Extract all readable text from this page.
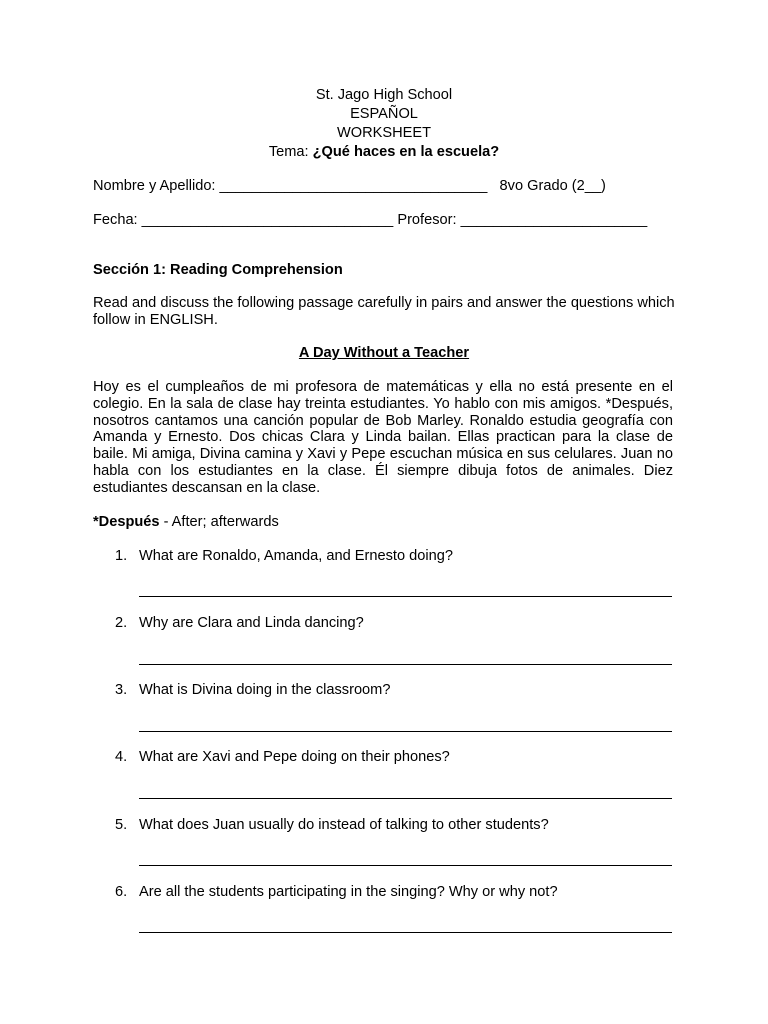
St. Jago High School
ESPAÑOL
WORKSHEET
Tema: ¿Qué haces en la escuela?
Nombre y Apellido: _________________________________   8vo Grado (2__)
Fecha: _______________________________ Profesor: _______________________
Sección 1: Reading Comprehension
Read and discuss the following passage carefully in pairs and answer the questions which follow in ENGLISH.
A Day Without a Teacher
Hoy es el cumpleaños de mi profesora de matemáticas y ella no está presente en el colegio. En la sala de clase hay treinta estudiantes. Yo hablo con mis amigos. *Después, nosotros cantamos una canción popular de Bob Marley. Ronaldo estudia geografía con Amanda y Ernesto. Dos chicas Clara y Linda bailan. Ellas practican para la clase de baile. Mi amiga, Divina camina y Xavi y Pepe escuchan música en sus celulares. Juan no habla con los estudiantes en la clase. Él siempre dibuja fotos de animales. Diez estudiantes descansan en la clase.
*Después - After; afterwards
1. What are Ronaldo, Amanda, and Ernesto doing?
2. Why are Clara and Linda dancing?
3. What is Divina doing in the classroom?
4. What are Xavi and Pepe doing on their phones?
5. What does Juan usually do instead of talking to other students?
6. Are all the students participating in the singing? Why or why not?
